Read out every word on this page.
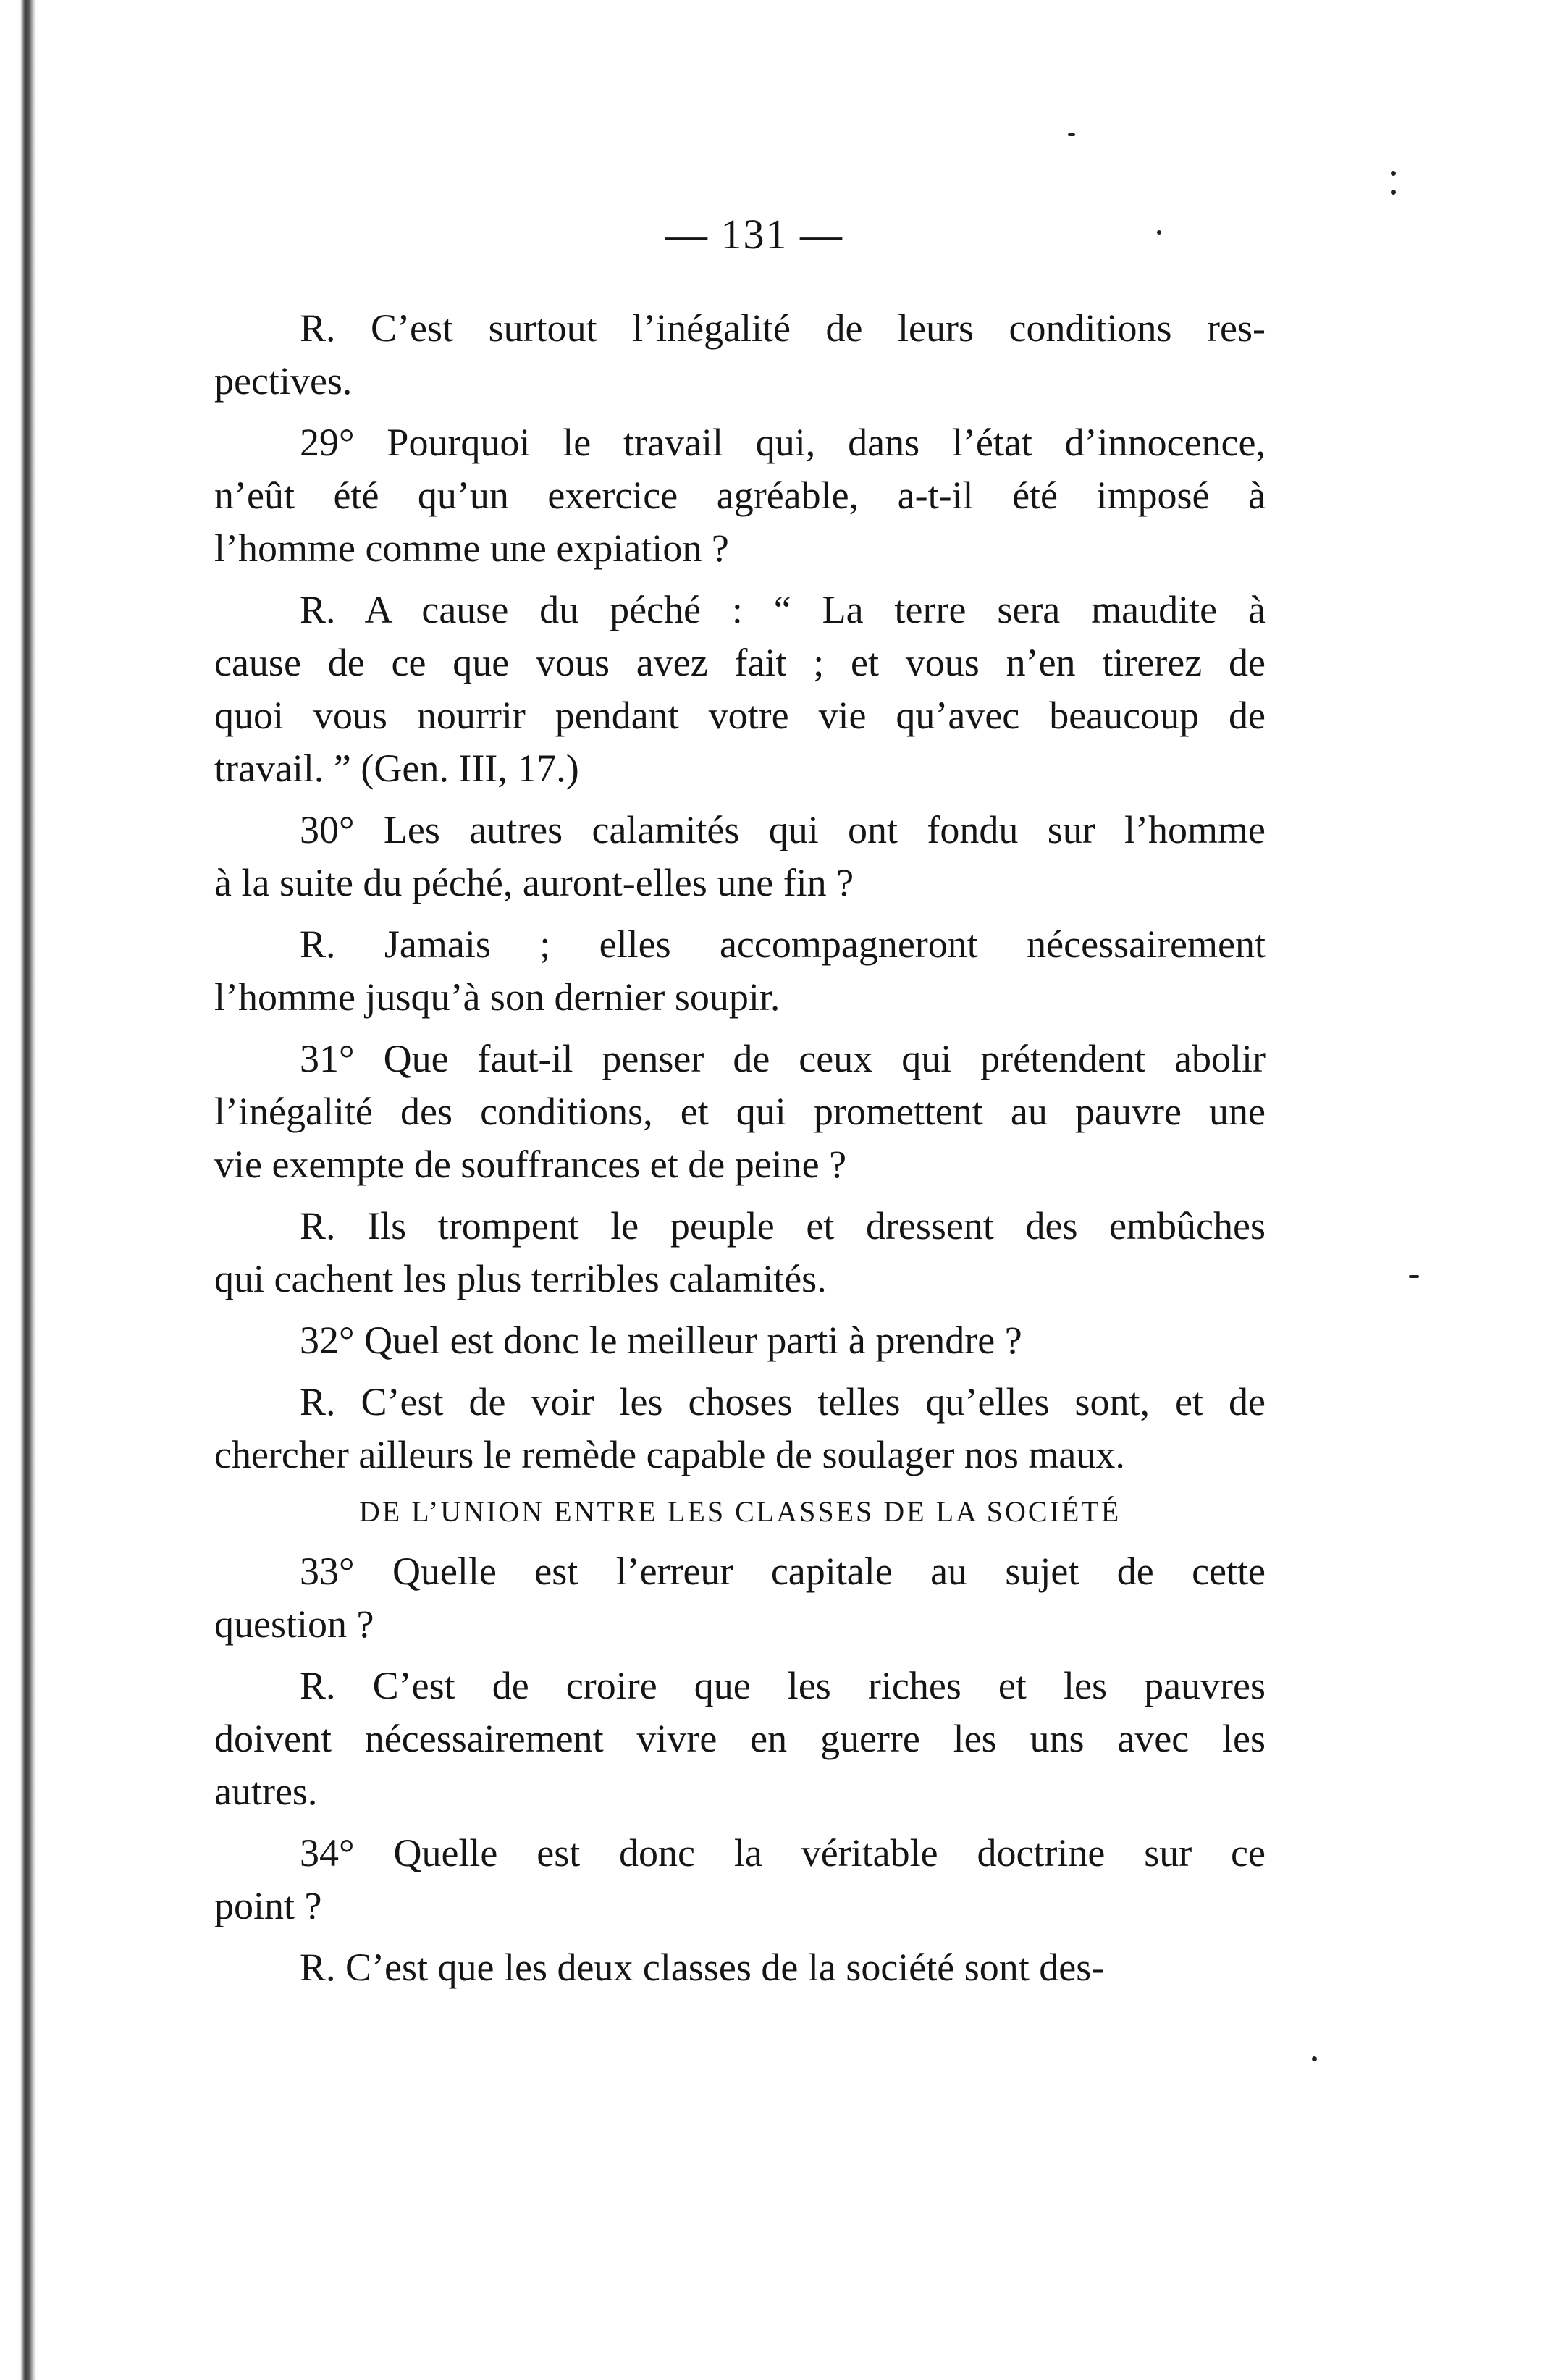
— 131 —
R. C’est surtout l’inégalité de leurs conditions res-
pectives.
29° Pourquoi le travail qui, dans l’état d’innocence,
n’eût été qu’un exercice agréable, a-t-il été imposé à
l’homme comme une expiation ?
R. A cause du péché : “ La terre sera maudite à
cause de ce que vous avez fait ; et vous n’en tirerez de
quoi vous nourrir pendant votre vie qu’avec beaucoup de
travail. ” (Gen. III, 17.)
30° Les autres calamités qui ont fondu sur l’homme
à la suite du péché, auront-elles une fin ?
R. Jamais ; elles accompagneront nécessairement
l’homme jusqu’à son dernier soupir.
31° Que faut-il penser de ceux qui prétendent abolir
l’inégalité des conditions, et qui promettent au pauvre une
vie exempte de souffrances et de peine ?
R. Ils trompent le peuple et dressent des embûches
qui cachent les plus terribles calamités.
32° Quel est donc le meilleur parti à prendre ?
R. C’est de voir les choses telles qu’elles sont, et de
chercher ailleurs le remède capable de soulager nos maux.
DE L’UNION ENTRE LES CLASSES DE LA SOCIÉTÉ
33° Quelle est l’erreur capitale au sujet de cette
question ?
R. C’est de croire que les riches et les pauvres
doivent nécessairement vivre en guerre les uns avec les
autres.
34° Quelle est donc la véritable doctrine sur ce
point ?
R. C’est que les deux classes de la société sont des-
